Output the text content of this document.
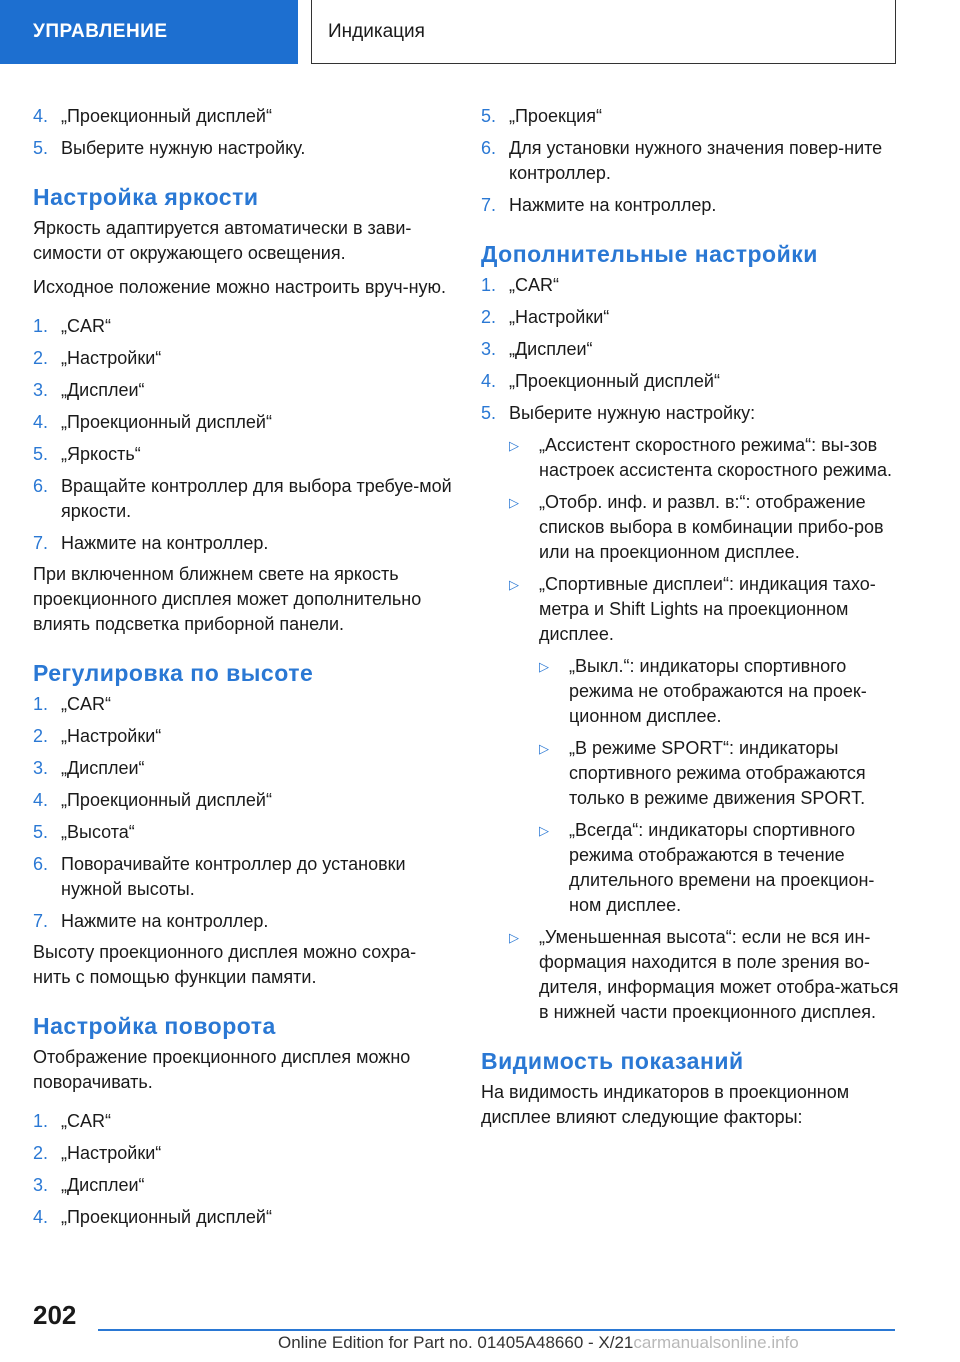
УПРАВЛЕНИЕ	Индикация
4. „Проекционный дисплей“
5. Выберите нужную настройку.
Настройка яркости

Яркость адаптируется автоматически в зави-симости от окружающего освещения.

Исходное положение можно настроить вруч-ную.

1. „CAR“
2. „Настройки“
3. „Дисплеи“
4. „Проекционный дисплей“
5. „Яркость“
6. Вращайте контроллер для выбора требуе-мой яркости.
7. Нажмите на контроллер.

При включенном ближнем свете на яркость проекционного дисплея может дополнительно влиять подсветка приборной панели.

Регулировка по высоте
1. „CAR“
2. „Настройки“
3. „Дисплеи“
4. „Проекционный дисплей“
5. „Высота“
6. Поворачивайте контроллер до установки нужной высоты.
7. Нажмите на контроллер.

Высоту проекционного дисплея можно сохра-нить с помощью функции памяти.

Настройка поворота

Отображение проекционного дисплея можно поворачивать.

1. „CAR“
2. „Настройки“
3. „Дисплеи“
4. „Проекционный дисплей“
5. „Проекция“
6. Для установки нужного значения повер-ните контроллер.
7. Нажмите на контроллер.
Дополнительные настройки
1. „CAR“
2. „Настройки“
3. „Дисплеи“
4. „Проекционный дисплей“
5. Выберите нужную настройку:
▷	„Ассистент скоростного режима“: вы-зов настроек ассистента скоростного режима.
▷	„Отобр. инф. и развл. в:“: отображение списков выбора в комбинации прибо-ров или на проекционном дисплее.
▷	„Спортивные дисплеи“: индикация тахо-метра и Shift Lights на проекционном дисплее.
▷	„Выкл.“: индикаторы спортивного режима не отображаются на проек-ционном дисплее.
▷	„В режиме SPORT“: индикаторы спортивного режима отображаются только в режиме движения SPORT.
▷	„Всегда“: индикаторы спортивного режима отображаются в течение длительного времени на проекцион-ном дисплее.
▷	„Уменьшенная высота“: если не вся ин-формация находится в поле зрения во-дителя, информация может отобра-жаться в нижней части проекционного дисплея.
Видимость показаний

На видимость индикаторов в проекционном дисплее влияют следующие факторы:

202
Online Edition for Part no. 01405A48660 - X/21carmanualsonline.info
